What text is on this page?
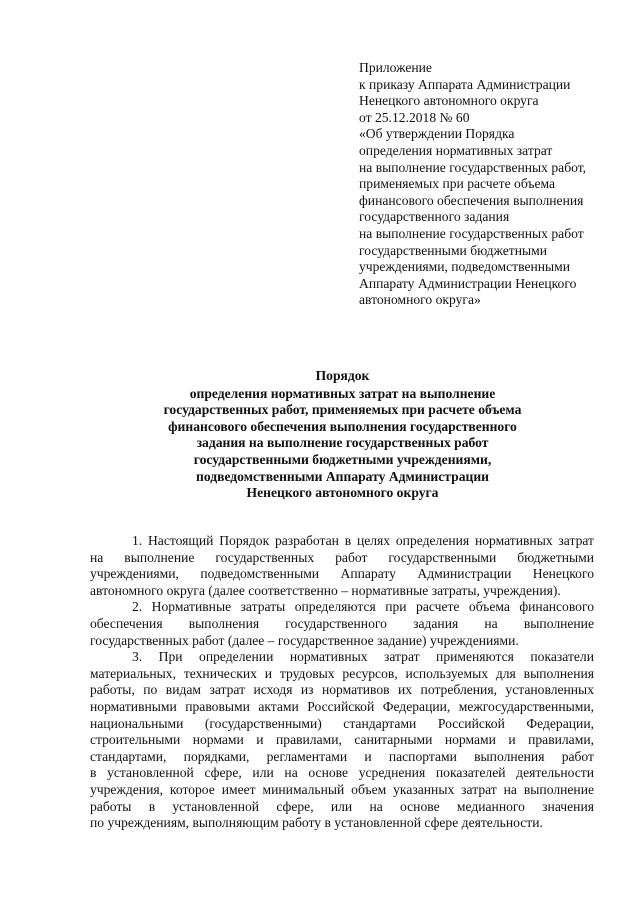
Приложение
к приказу Аппарата Администрации
Ненецкого автономного округа
от 25.12.2018 № 60
«Об утверждении Порядка
определения нормативных затрат
на выполнение государственных работ,
применяемых при расчете объема
финансового обеспечения выполнения
государственного задания
на выполнение государственных работ
государственными бюджетными
учреждениями, подведомственными
Аппарату Администрации Ненецкого
автономного округа»
Порядок
определения нормативных затрат на выполнение
государственных работ, применяемых при расчете объема
финансового обеспечения выполнения государственного
задания на выполнение государственных работ
государственными бюджетными учреждениями,
подведомственными Аппарату Администрации
Ненецкого автономного округа
1. Настоящий Порядок разработан в целях определения нормативных затрат
на выполнение государственных работ государственными бюджетными
учреждениями, подведомственными Аппарату Администрации Ненецкого
автономного округа (далее соответственно – нормативные затраты, учреждения).
2. Нормативные затраты определяются при расчете объема финансового
обеспечения выполнения государственного задания на выполнение
государственных работ (далее – государственное задание) учреждениями.
3. При определении нормативных затрат применяются показатели
материальных, технических и трудовых ресурсов, используемых для выполнения
работы, по видам затрат исходя из нормативов их потребления, установленных
нормативными правовыми актами Российской Федерации, межгосударственными,
национальными (государственными) стандартами Российской Федерации,
строительными нормами и правилами, санитарными нормами и правилами,
стандартами, порядками, регламентами и паспортами выполнения работ
в установленной сфере, или на основе усреднения показателей деятельности
учреждения, которое имеет минимальный объем указанных затрат на выполнение
работы в установленной сфере, или на основе медианного значения
по учреждениям, выполняющим работу в установленной сфере деятельности.
